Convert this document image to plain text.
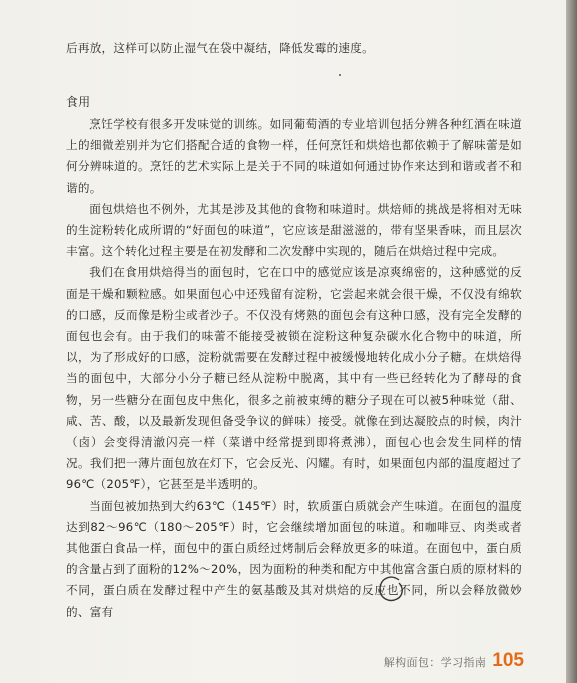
后再放，这样可以防止湿气在袋中凝结，降低发霉的速度。
食用

烹饪学校有很多开发味觉的训练。如同葡萄酒的专业培训包括分辨各种红酒在味道上的细微差别并为它们搭配合适的食物一样，任何烹饪和烘焙也都依赖于了解味蕾是如何分辨味道的。烹饪的艺术实际上是关于不同的味道如何通过协作来达到和谐或者不和谐的。

面包烘焙也不例外，尤其是涉及其他的食物和味道时。烘焙师的挑战是将相对无味的生淀粉转化成所谓的“好面包的味道”，它应该是甜滋滋的，带有坚果香味，而且层次丰富。这个转化过程主要是在初发酵和二次发酵中实现的，随后在烘焙过程中完成。

我们在食用烘焙得当的面包时，它在口中的感觉应该是凉爽绵密的，这种感觉的反面是干燥和颗粒感。如果面包心中还残留有淀粉，它尝起来就会很干燥，不仅没有绵软的口感，反而像是粉尘或者沙子。不仅没有烤熟的面包会有这种口感，没有完全发酵的面包也会有。由于我们的味蕾不能接受被锁在淀粉这种复杂碳水化合物中的味道，所以，为了形成好的口感，淀粉就需要在发酵过程中被缓慢地转化成小分子糖。在烘焙得当的面包中，大部分小分子糖已经从淀粉中脱离，其中有一些已经转化为了酵母的食物，另一些糖分在面包皮中焦化，很多之前被束缚的糖分子现在可以被5种味觉（甜、咸、苦、酸，以及最新发现但备受争议的鲜味）接受。就像在到达凝胶点的时候，肉汁（卤）会变得清澈闪亮一样（菜谱中经常提到即将煮沸），面包心也会发生同样的情况。我们把一薄片面包放在灯下，它会反光、闪耀。有时，如果面包内部的温度超过了96℃（205℉），它甚至是半透明的。

当面包被加热到大约63℃（145℉）时，软质蛋白质就会产生味道。在面包的温度达到82～96℃（180～205℉）时，它会继续增加面包的味道。和咖啡豆、肉类或者其他蛋白食品一样，面包中的蛋白质经过烤制后会释放更多的味道。在面包中，蛋白质的含量占到了面粉的12%～20%，因为面粉的种类和配方中其他富含蛋白质的原材料的不同，蛋白质在发酵过程中产生的氨基酸及其对烘焙的反应也不同，所以会释放微妙的、富有

解构面包：学习指南 105
